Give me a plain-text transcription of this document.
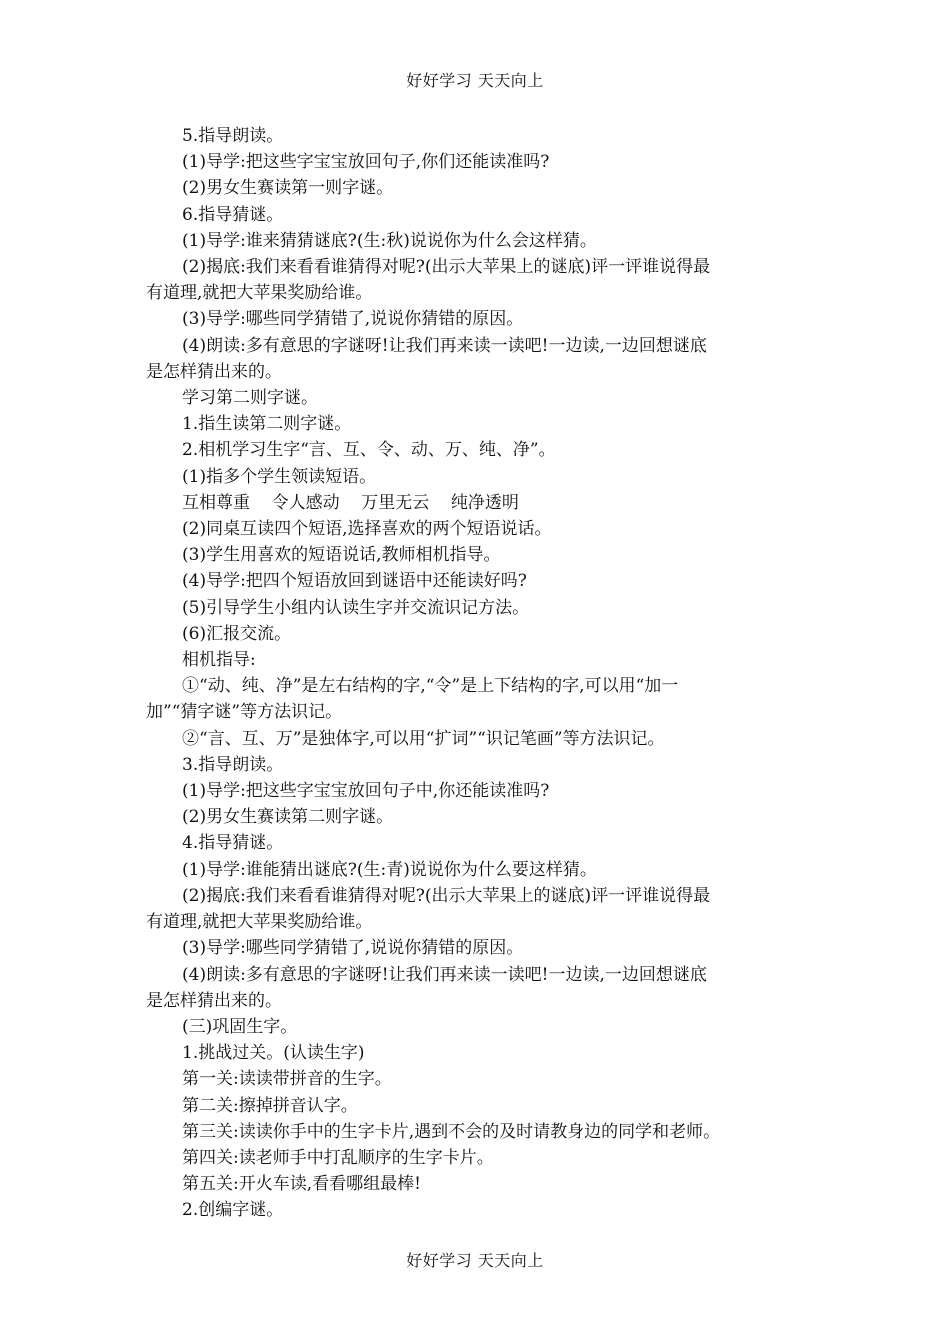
好好学习 天天向上
5.指导朗读。
(1)导学:把这些字宝宝放回句子,你们还能读准吗?
(2)男女生赛读第一则字谜。
6.指导猜谜。
(1)导学:谁来猜猜谜底?(生:秋)说说你为什么会这样猜。
(2)揭底:我们来看看谁猜得对呢?(出示大苹果上的谜底)评一评谁说得最
有道理,就把大苹果奖励给谁。
(3)导学:哪些同学猜错了,说说你猜错的原因。
(4)朗读:多有意思的字谜呀!让我们再来读一读吧!一边读,一边回想谜底
是怎样猜出来的。
学习第二则字谜。
1.指生读第二则字谜。
2.相机学习生字“言、互、令、动、万、纯、净”。
(1)指多个学生领读短语。
互相尊重    令人感动    万里无云    纯净透明
(2)同桌互读四个短语,选择喜欢的两个短语说话。
(3)学生用喜欢的短语说话,教师相机指导。
(4)导学:把四个短语放回到谜语中还能读好吗?
(5)引导学生小组内认读生字并交流识记方法。
(6)汇报交流。
相机指导:
①“动、纯、净”是左右结构的字,“令”是上下结构的字,可以用“加一
加”“猜字谜”等方法识记。
②“言、互、万”是独体字,可以用“扩词”“识记笔画”等方法识记。
3.指导朗读。
(1)导学:把这些字宝宝放回句子中,你还能读准吗?
(2)男女生赛读第二则字谜。
4.指导猜谜。
(1)导学:谁能猜出谜底?(生:青)说说你为什么要这样猜。
(2)揭底:我们来看看谁猜得对呢?(出示大苹果上的谜底)评一评谁说得最
有道理,就把大苹果奖励给谁。
(3)导学:哪些同学猜错了,说说你猜错的原因。
(4)朗读:多有意思的字谜呀!让我们再来读一读吧!一边读,一边回想谜底
是怎样猜出来的。
(三)巩固生字。
1.挑战过关。(认读生字)
第一关:读读带拼音的生字。
第二关:擦掉拼音认字。
第三关:读读你手中的生字卡片,遇到不会的及时请教身边的同学和老师。
第四关:读老师手中打乱顺序的生字卡片。
第五关:开火车读,看看哪组最棒!
2.创编字谜。
好好学习 天天向上
